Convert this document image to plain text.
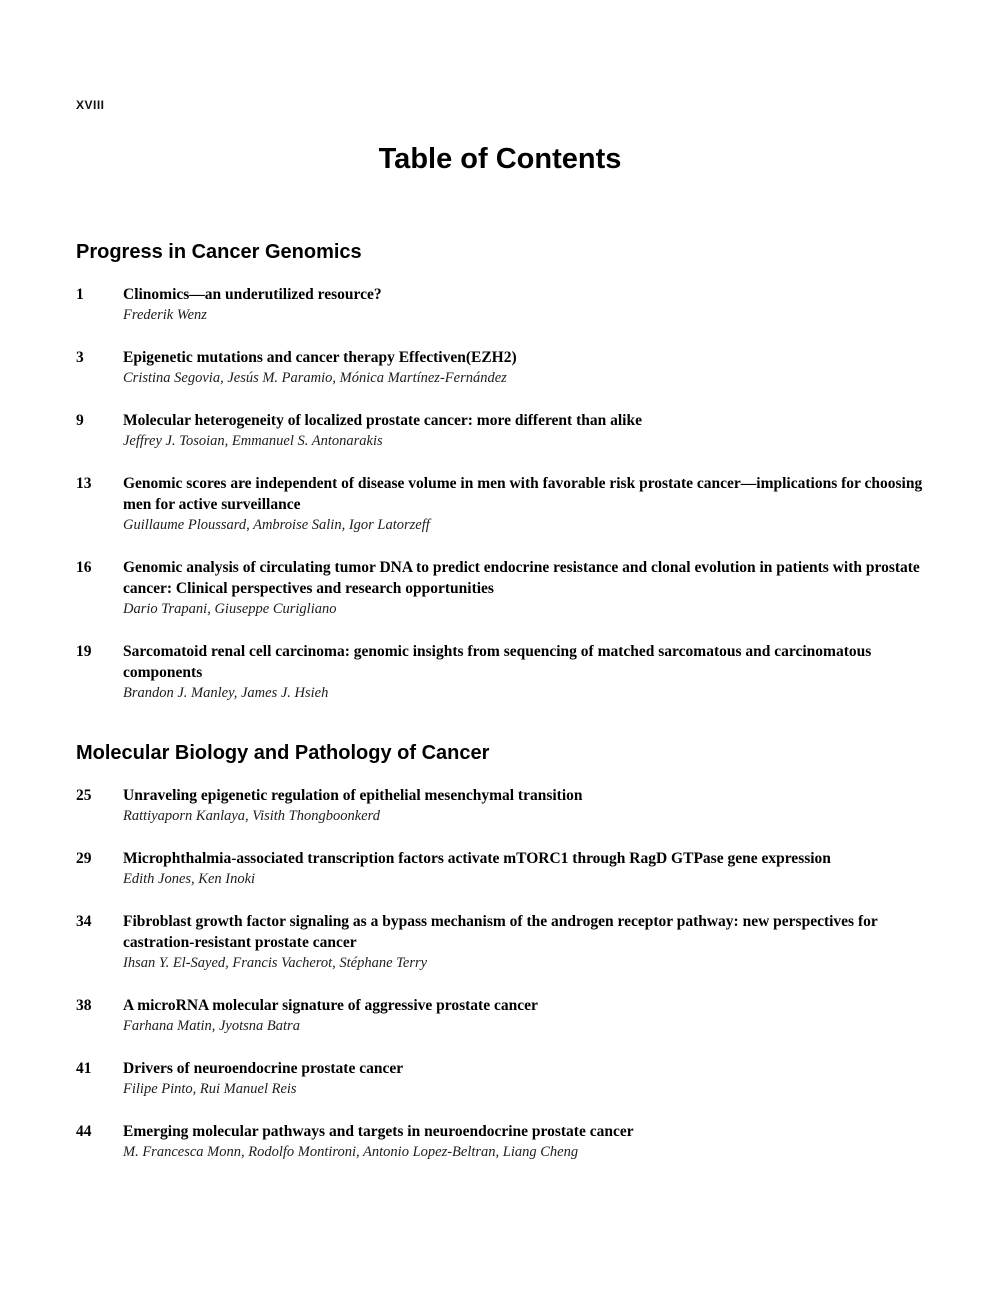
XVIII
Table of Contents
Progress in Cancer Genomics
1	Clinomics—an underutilized resource?
Frederik Wenz
3	Epigenetic mutations and cancer therapy Effectiven(EZH2)
Cristina Segovia, Jesús M. Paramio, Mónica Martínez-Fernández
9	Molecular heterogeneity of localized prostate cancer: more different than alike
Jeffrey J. Tosoian, Emmanuel S. Antonarakis
13	Genomic scores are independent of disease volume in men with favorable risk prostate cancer—implications for choosing men for active surveillance
Guillaume Ploussard, Ambroise Salin, Igor Latorzeff
16	Genomic analysis of circulating tumor DNA to predict endocrine resistance and clonal evolution in patients with prostate cancer: Clinical perspectives and research opportunities
Dario Trapani, Giuseppe Curigliano
19	Sarcomatoid renal cell carcinoma: genomic insights from sequencing of matched sarcomatous and carcinomatous components
Brandon J. Manley, James J. Hsieh
Molecular Biology and Pathology of Cancer
25	Unraveling epigenetic regulation of epithelial mesenchymal transition
Rattiyaporn Kanlaya, Visith Thongboonkerd
29	Microphthalmia-associated transcription factors activate mTORC1 through RagD GTPase gene expression
Edith Jones, Ken Inoki
34	Fibroblast growth factor signaling as a bypass mechanism of the androgen receptor pathway: new perspectives for castration-resistant prostate cancer
Ihsan Y. El-Sayed, Francis Vacherot, Stéphane Terry
38	A microRNA molecular signature of aggressive prostate cancer
Farhana Matin, Jyotsna Batra
41	Drivers of neuroendocrine prostate cancer
Filipe Pinto, Rui Manuel Reis
44	Emerging molecular pathways and targets in neuroendocrine prostate cancer
M. Francesca Monn, Rodolfo Montironi, Antonio Lopez-Beltran, Liang Cheng
